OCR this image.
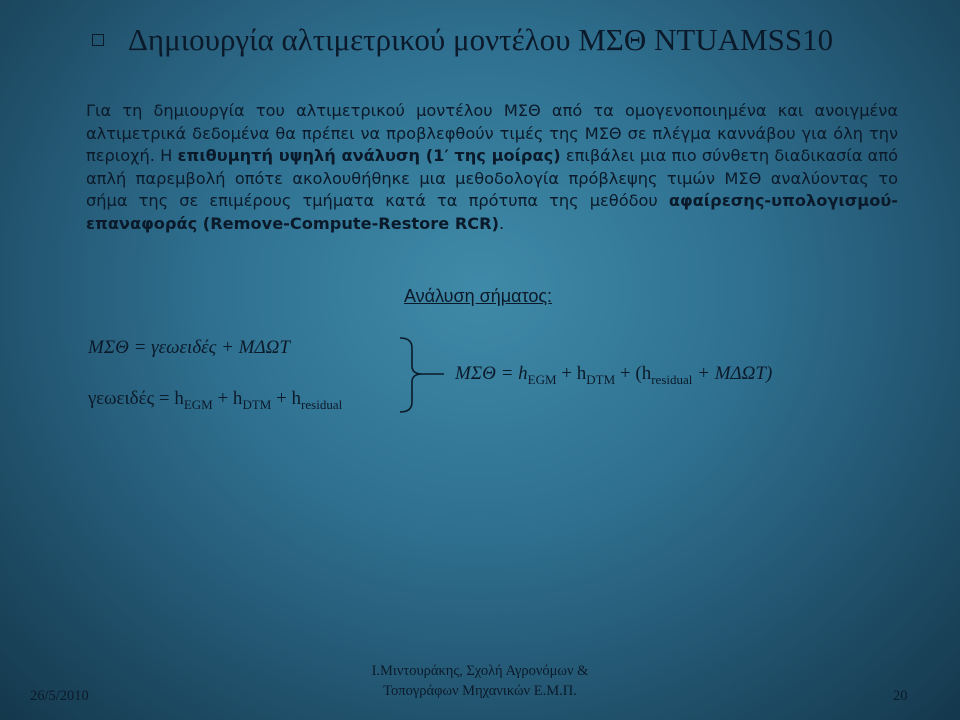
Δημιουργία αλτιμετρικού μοντέλου ΜΣΘ NTUAMSS10
Για τη δημιουργία του αλτιμετρικού μοντέλου ΜΣΘ από τα ομογενοποιημένα και ανοιγμένα αλτιμετρικά δεδομένα θα πρέπει να προβλεφθούν τιμές της ΜΣΘ σε πλέγμα καννάβου για όλη την περιοχή. Η επιθυμητή υψηλή ανάλυση (1′ της μοίρας) επιβάλει μια πιο σύνθετη διαδικασία από απλή παρεμβολή οπότε ακολουθήθηκε μια μεθοδολογία πρόβλεψης τιμών ΜΣΘ αναλύοντας το σήμα της σε επιμέρους τμήματα κατά τα πρότυπα της μεθόδου αφαίρεσης-υπολογισμού-επαναφοράς (Remove-Compute-Restore RCR).
Ανάλυση σήματος:
ΜΣΘ = γεωειδές + ΜΔΩΤ
$\gamma\varepsilon\omega\varepsilon\iota\delta έ\varsigma = h_{EGM} + h_{DTM} + h_{residual}$
$M\Sigma\Theta = h_{EGM} + h_{DTM} + (h_{residual} + M\Delta\Omega T)$
26/5/2010
Ι.Μιντουράκης, Σχολή Αγρονόμων &
Τοπογράφων Μηχανικών Ε.Μ.Π.	20
